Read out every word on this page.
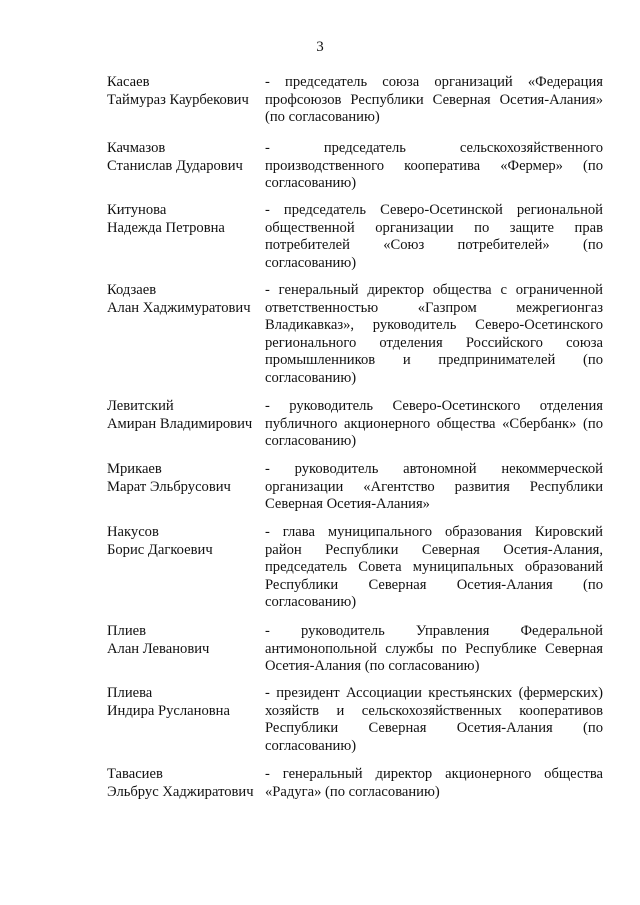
3
Касаев
Таймураз Каурбекович
- председатель союза организаций «Федерация профсоюзов Республики Северная Осетия-Алания» (по согласованию)
Качмазов
Станислав Дударович
- председатель сельскохозяйственного производственного кооператива «Фермер» (по согласованию)
Китунова
Надежда Петровна
- председатель Северо-Осетинской региональной общественной организации по защите прав потребителей «Союз потребителей» (по согласованию)
Кодзаев
Алан Хаджимуратович
- генеральный директор общества с ограниченной ответственностью «Газпром межрегионгаз Владикавказ», руководитель Северо-Осетинского регионального отделения Российского союза промышленников и предпринимателей (по согласованию)
Левитский
Амиран Владимирович
- руководитель Северо-Осетинского отделения публичного акционерного общества «Сбербанк» (по согласованию)
Мрикаев
Марат Эльбрусович
- руководитель автономной некоммерческой организации «Агентство развития Республики Северная Осетия-Алания»
Накусов
Борис Дагкоевич
- глава муниципального образования Кировский район Республики Северная Осетия-Алания, председатель Совета муниципальных образований Республики Северная Осетия-Алания (по согласованию)
Плиев
Алан Леванович
- руководитель Управления Федеральной антимонопольной службы по Республике Северная Осетия-Алания (по согласованию)
Плиева
Индира Руслановна
- президент Ассоциации крестьянских (фермерских) хозяйств и сельскохозяйственных кооперативов Республики Северная Осетия-Алания (по согласованию)
Тавасиев
Эльбрус Хаджиратович
- генеральный директор акционерного общества «Радуга» (по согласованию)
